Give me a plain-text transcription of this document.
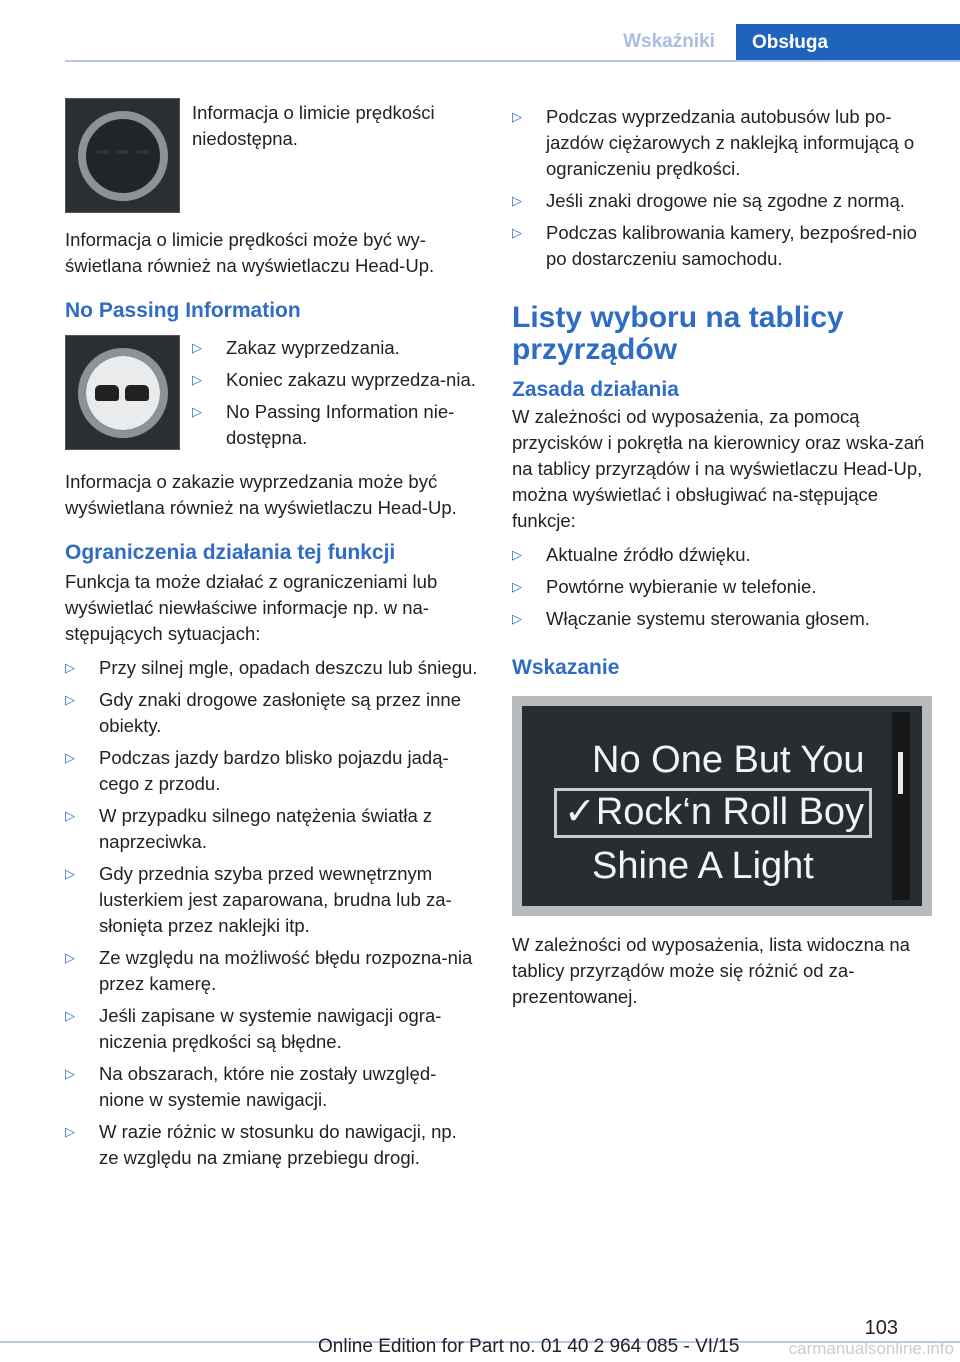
Wskaźniki	Obsługa

Informacja o limicie prędkości niedostępna.

Informacja o limicie prędkości może być wy-świetlana również na wyświetlaczu Head-Up.

No Passing Information
▷ Zakaz wyprzedzania.
▷ Koniec zakazu wyprzedza-nia.
▷ No Passing Information nie-dostępna.

Informacja o zakazie wyprzedzania może być wyświetlana również na wyświetlaczu Head-Up.

Ograniczenia działania tej funkcji

Funkcja ta może działać z ograniczeniami lub wyświetlać niewłaściwe informacje np. w na-stępujących sytuacjach:

▷ Przy silnej mgle, opadach deszczu lub śniegu.
▷ Gdy znaki drogowe zasłonięte są przez inne obiekty.
▷ Podczas jazdy bardzo blisko pojazdu jadą-cego z przodu.
▷ W przypadku silnego natężenia światła z naprzeciwka.
▷ Gdy przednia szyba przed wewnętrznym lusterkiem jest zaparowana, brudna lub za-słonięta przez naklejki itp.
▷ Ze względu na możliwość błędu rozpozna-nia przez kamerę.
▷ Jeśli zapisane w systemie nawigacji ogra-niczenia prędkości są błędne.
▷ Na obszarach, które nie zostały uwzględ-nione w systemie nawigacji.
▷ W razie różnic w stosunku do nawigacji, np. ze względu na zmianę przebiegu drogi.
▷ Podczas wyprzedzania autobusów lub po-jazdów ciężarowych z naklejką informującą o ograniczeniu prędkości.
▷ Jeśli znaki drogowe nie są zgodne z normą.
▷ Podczas kalibrowania kamery, bezpośred-nio po dostarczeniu samochodu.
Listy wyboru na tablicy przyrządów
Zasada działania

W zależności od wyposażenia, za pomocą przycisków i pokrętła na kierownicy oraz wska-zań na tablicy przyrządów i na wyświetlaczu Head-Up, można wyświetlać i obsługiwać na-stępujące funkcje:

▷ Aktualne źródło dźwięku.
▷ Powtórne wybieranie w telefonie.
▷ Włączanie systemu sterowania głosem.
Wskazanie
No One But You
✓Rock‘n Roll Boy
Shine A Light

W zależności od wyposażenia, lista widoczna na tablicy przyrządów może się różnić od za-prezentowanej.

103
Online Edition for Part no. 01 40 2 964 085 - VI/15	carmanualsonline.info
